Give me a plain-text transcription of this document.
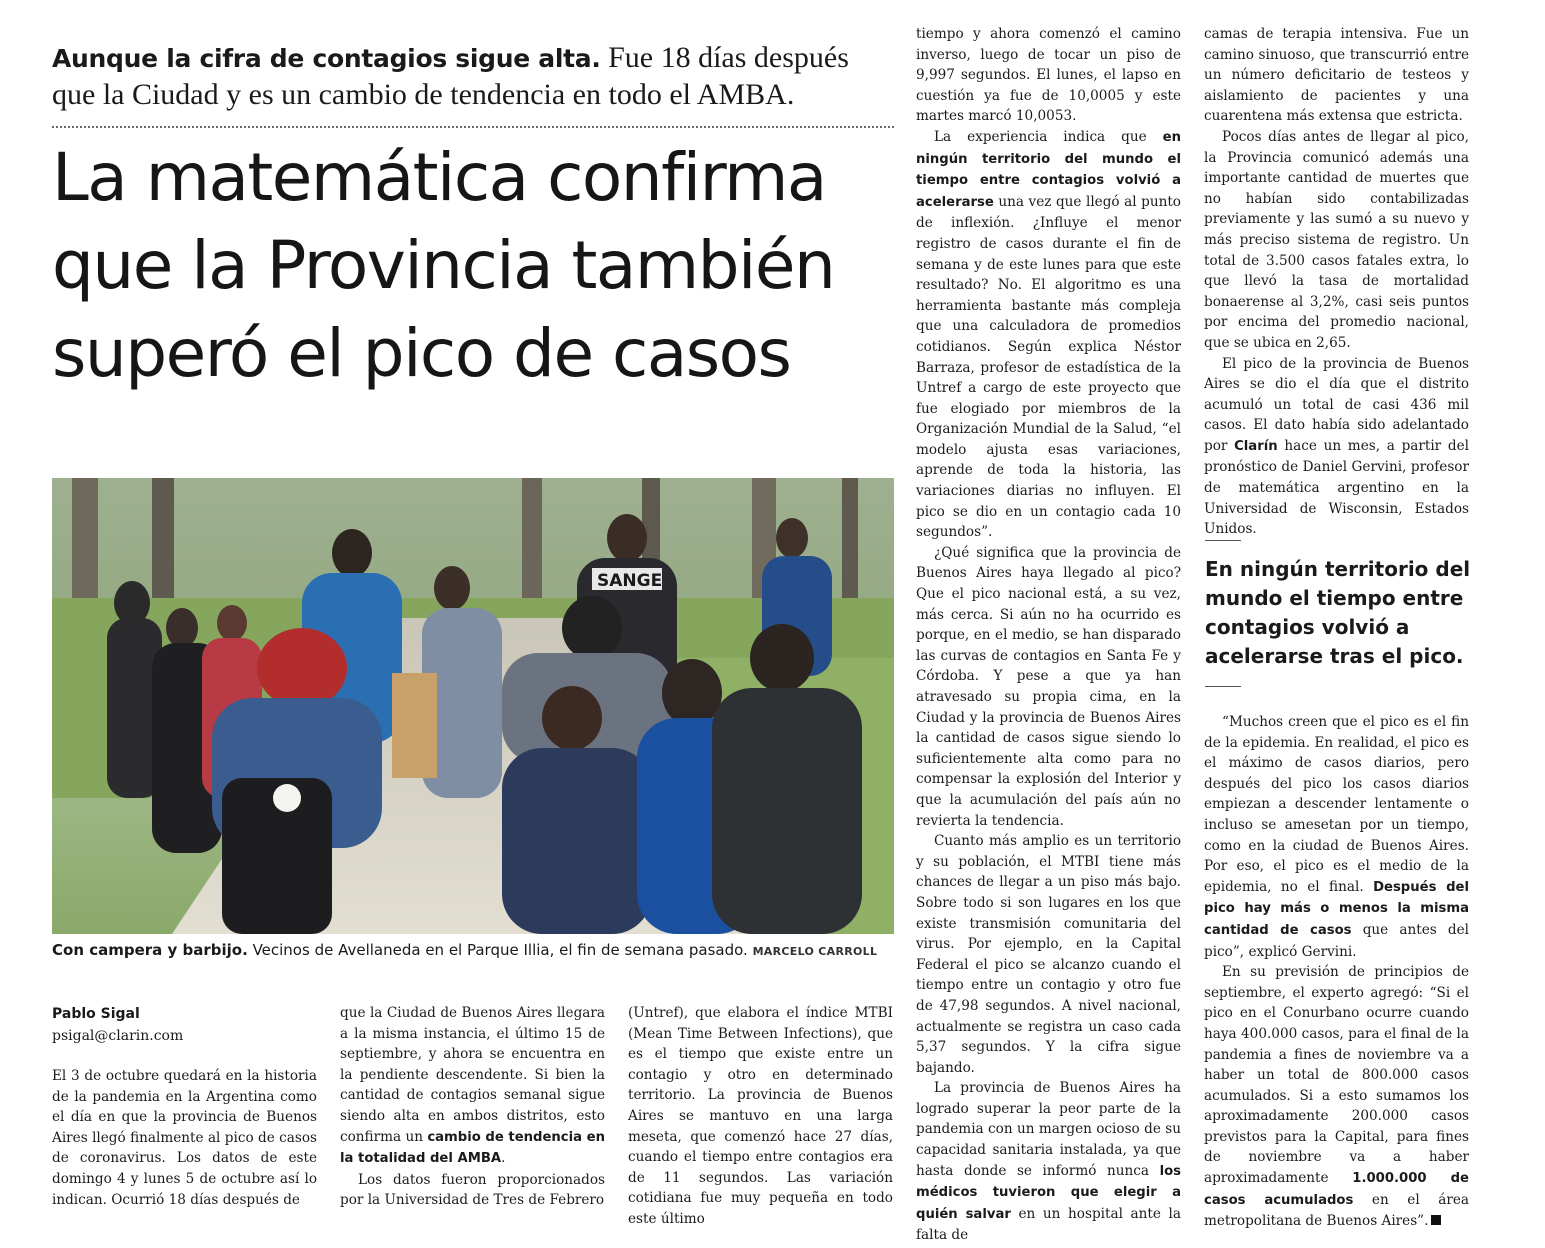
Aunque la cifra de contagios sigue alta. Fue 18 días después que la Ciudad y es un cambio de tendencia en todo el AMBA.
La matemática confirma que la Provincia también superó el pico de casos
SANGE
Con campera y barbijo. Vecinos de Avellaneda en el Parque Illia, el fin de semana pasado. MARCELO CARROLL
Pablo Sigal
psigal@clarin.com

El 3 de octubre quedará en la historia de la pandemia en la Argentina como el día en que la provincia de Buenos Aires llegó finalmente al pico de casos de coronavirus. Los datos de este domingo 4 y lunes 5 de octubre así lo indican. Ocurrió 18 días después de

que la Ciudad de Buenos Aires llegara a la misma instancia, el último 15 de septiembre, y ahora se encuentra en la pendiente descendente. Si bien la cantidad de contagios semanal sigue siendo alta en ambos distritos, esto confirma un cambio de tendencia en la totalidad del AMBA.

Los datos fueron proporcionados por la Universidad de Tres de Febrero

(Untref), que elabora el índice MTBI (Mean Time Between Infections), que es el tiempo que existe entre un contagio y otro en determinado territorio. La provincia de Buenos Aires se mantuvo en una larga meseta, que comenzó hace 27 días, cuando el tiempo entre contagios era de 11 segundos. Las variación cotidiana fue muy pequeña en todo este último

tiempo y ahora comenzó el camino inverso, luego de tocar un piso de 9,997 segundos. El lunes, el lapso en cuestión ya fue de 10,0005 y este martes marcó 10,0053.

La experiencia indica que en ningún territorio del mundo el tiempo entre contagios volvió a acelerarse una vez que llegó al punto de inflexión. ¿Influye el menor registro de casos durante el fin de semana y de este lunes para que este resultado? No. El algoritmo es una herramienta bastante más compleja que una calculadora de promedios cotidianos. Según explica Néstor Barraza, profesor de estadística de la Untref a cargo de este proyecto que fue elogiado por miembros de la Organización Mundial de la Salud, “el modelo ajusta esas variaciones, aprende de toda la historia, las variaciones diarias no influyen. El pico se dio en un contagio cada 10 segundos”.

¿Qué significa que la provincia de Buenos Aires haya llegado al pico? Que el pico nacional está, a su vez, más cerca. Si aún no ha ocurrido es porque, en el medio, se han disparado las curvas de contagios en Santa Fe y Córdoba. Y pese a que ya han atravesado su propia cima, en la Ciudad y la provincia de Buenos Aires la cantidad de casos sigue siendo lo suficientemente alta como para no compensar la explosión del Interior y que la acumulación del país aún no revierta la tendencia.

Cuanto más amplio es un territorio y su población, el MTBI tiene más chances de llegar a un piso más bajo. Sobre todo si son lugares en los que existe transmisión comunitaria del virus. Por ejemplo, en la Capital Federal el pico se alcanzo cuando el tiempo entre un contagio y otro fue de 47,98 segundos. A nivel nacional, actualmente se registra un caso cada 5,37 segundos. Y la cifra sigue bajando.

La provincia de Buenos Aires ha logrado superar la peor parte de la pandemia con un margen ocioso de su capacidad sanitaria instalada, ya que hasta donde se informó nunca los médicos tuvieron que elegir a quién salvar en un hospital ante la falta de

camas de terapia intensiva. Fue un camino sinuoso, que transcurrió entre un número deficitario de testeos y aislamiento de pacientes y una cuarentena más extensa que estricta.

Pocos días antes de llegar al pico, la Provincia comunicó además una importante cantidad de muertes que no habían sido contabilizadas previamente y las sumó a su nuevo y más preciso sistema de registro. Un total de 3.500 casos fatales extra, lo que llevó la tasa de mortalidad bonaerense al 3,2%, casi seis puntos por encima del promedio nacional, que se ubica en 2,65.

El pico de la provincia de Buenos Aires se dio el día que el distrito acumuló un total de casi 436 mil casos. El dato había sido adelantado por Clarín hace un mes, a partir del pronóstico de Daniel Gervini, profesor de matemática argentino en la Universidad de Wisconsin, Estados Unidos.

En ningún territorio del mundo el tiempo entre contagios volvió a acelerarse tras el pico.

“Muchos creen que el pico es el fin de la epidemia. En realidad, el pico es el máximo de casos diarios, pero después del pico los casos diarios empiezan a descender lentamente o incluso se amesetan por un tiempo, como en la ciudad de Buenos Aires. Por eso, el pico es el medio de la epidemia, no el final. Después del pico hay más o menos la misma cantidad de casos que antes del pico”, explicó Gervini.

En su previsión de principios de septiembre, el experto agregó: “Si el pico en el Conurbano ocurre cuando haya 400.000 casos, para el final de la pandemia a fines de noviembre va a haber un total de 800.000 casos acumulados. Si a esto sumamos los aproximadamente 200.000 casos previstos para la Capital, para fines de noviembre va a haber aproximadamente 1.000.000 de casos acumulados en el área metropolitana de Buenos Aires”.
